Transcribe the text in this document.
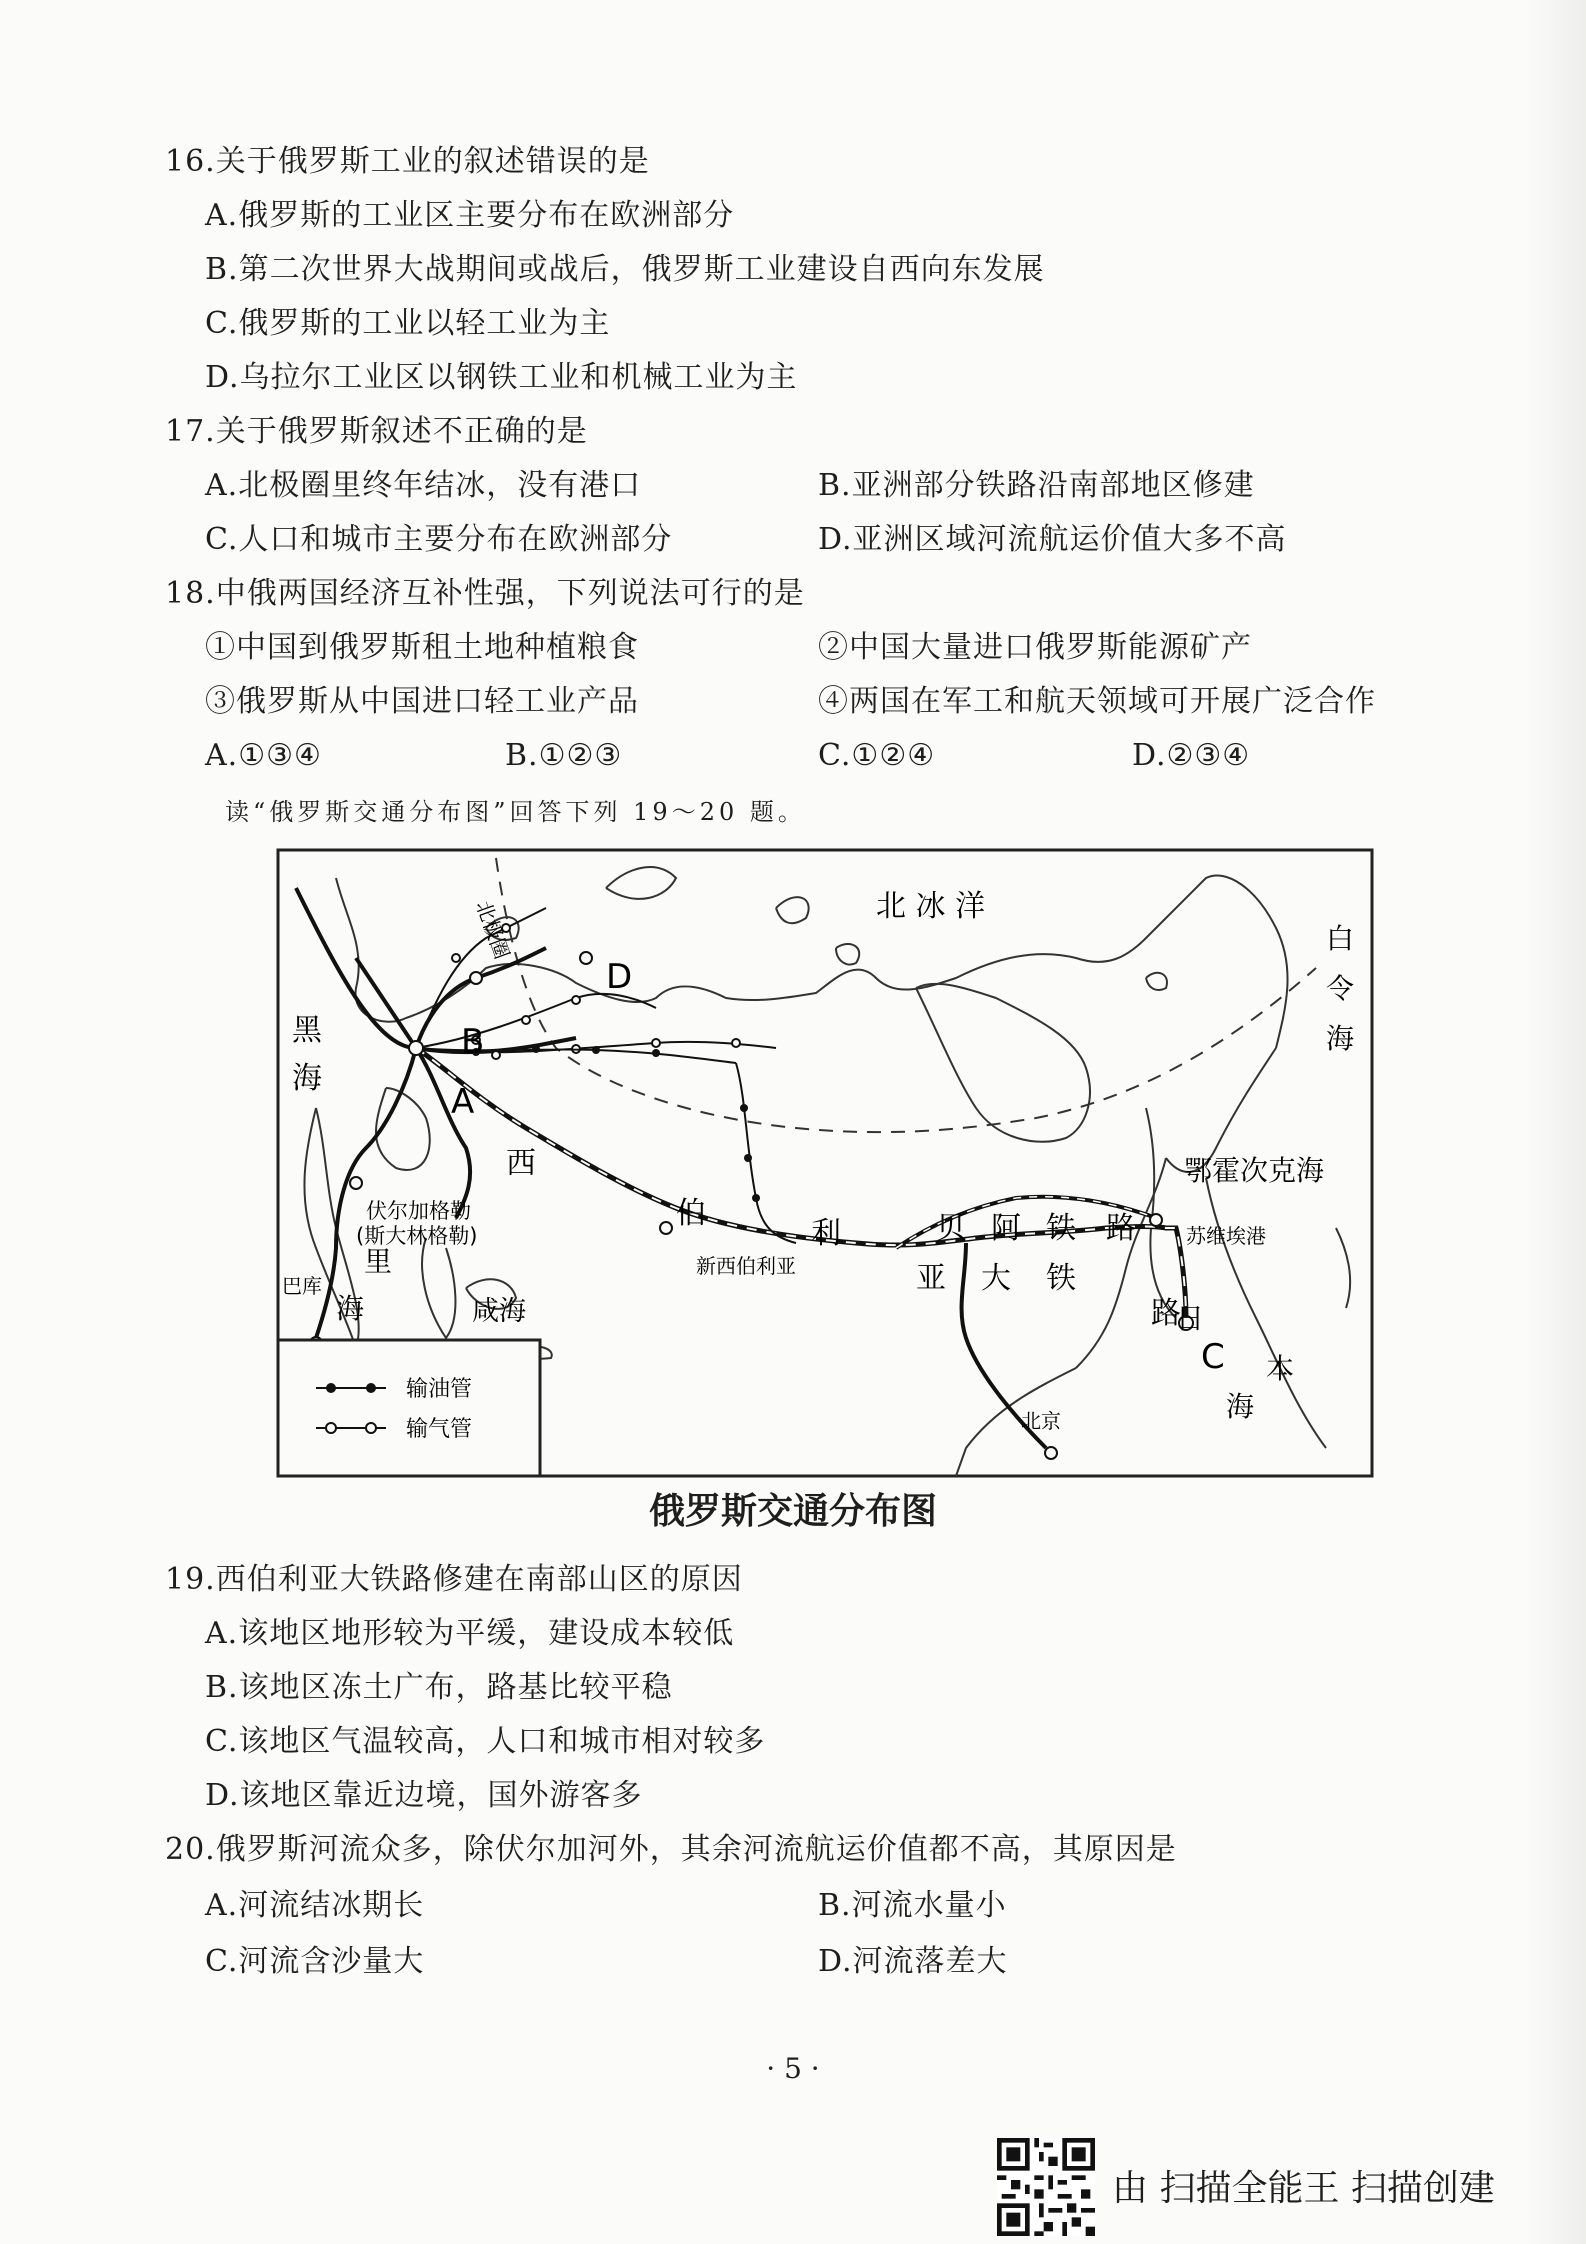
16.关于俄罗斯工业的叙述错误的是
A.俄罗斯的工业区主要分布在欧洲部分
B.第二次世界大战期间或战后，俄罗斯工业建设自西向东发展
C.俄罗斯的工业以轻工业为主
D.乌拉尔工业区以钢铁工业和机械工业为主
17.关于俄罗斯叙述不正确的是
A.北极圈里终年结冰，没有港口	B.亚洲部分铁路沿南部地区修建
C.人口和城市主要分布在欧洲部分	D.亚洲区域河流航运价值大多不高
18.中俄两国经济互补性强，下列说法可行的是
①中国到俄罗斯租土地种植粮食	②中国大量进口俄罗斯能源矿产
③俄罗斯从中国进口轻工业产品	④两国在军工和航天领域可开展广泛合作
A.①③④	B.①②③	C.①②④	D.②③④
读“俄罗斯交通分布图”回答下列 19～20 题。
北极圈	北 冰 洋
白
令
海
鄂霍次克海
黑
海
里
海
伏尔加格勒
(斯大林格勒)
巴库
咸海
新西伯利亚
北京
苏维埃港
日
本
海
A
B
C
D
西
伯
利
亚 大 铁
路
贝 阿 铁 路
输油管
输气管
俄罗斯交通分布图
19.西伯利亚大铁路修建在南部山区的原因
A.该地区地形较为平缓，建设成本较低
B.该地区冻土广布，路基比较平稳
C.该地区气温较高，人口和城市相对较多
D.该地区靠近边境，国外游客多
20.俄罗斯河流众多，除伏尔加河外，其余河流航运价值都不高，其原因是
A.河流结冰期长	B.河流水量小
C.河流含沙量大	D.河流落差大
· 5 ·
由 扫描全能王 扫描创建
